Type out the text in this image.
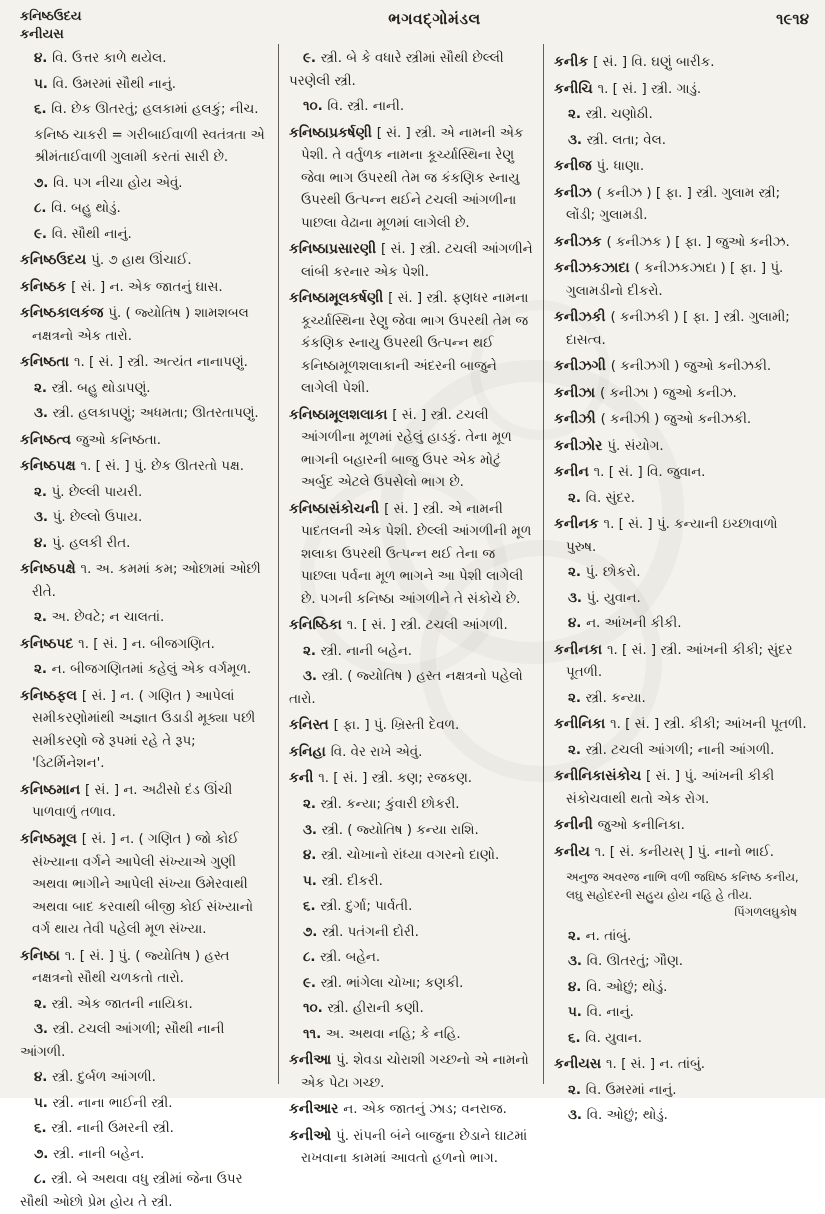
કનિષ્ઠઉદય
કનીયસ
ભગવદ્ગોમંડલ	૧૯૧૪
૪. વિ. ઉત્તર કાળે થયેલ.
૫. વિ. ઉમરમાં સૌથી નાનું.
૬. વિ. છેક ઊતરતું; હલકામાં હલકું; નીચ.
કનિષ્ઠ ચાકરી = ગરીબાઈવાળી સ્વતંત્રતા એ શ્રીમંતાઈવાળી ગુલામી કરતાં સારી છે.
૭. વિ. પગ નીચા હોય એવું.
૮. વિ. બહુ થોડું.
૯. વિ. સૌથી નાનું.
કનિષ્ઠઉદય પું. ૭ હાથ ઊંચાઈ.
કનિષ્ઠક [ સં. ] ન. એક જાતનું ઘાસ.
કનિષ્ઠકાલકંજ પું. ( જ્યોતિષ ) શામશબલ નક્ષત્રનો એક તારો.
કનિષ્ઠતા ૧. [ સં. ] સ્ત્રી. અત્યંત નાનાપણું.
૨. સ્ત્રી. બહુ થોડાપણું.
૩. સ્ત્રી. હલકાપણું; અધમતા; ઊતરતાપણું.
કનિષ્ઠત્વ જુઓ કનિષ્ઠતા.
કનિષ્ઠપક્ષ ૧. [ સં. ] પું. છેક ઊતરતો પક્ષ.
૨. પું. છેલ્લી પાયરી.
૩. પું. છેલ્લો ઉપાય.
૪. પું. હલકી રીત.
કનિષ્ઠપક્ષે ૧. અ. કમમાં કમ; ઓછામાં ઓછી રીતે.
૨. અ. છેવટે; ન ચાલતાં.
કનિષ્ઠપદ ૧. [ સં. ] ન. બીજગણિત.
૨. ન. બીજગણિતમાં કહેલું એક વર્ગમૂળ.
કનિષ્ઠફલ [ સં. ] ન. ( ગણિત ) આપેલાં સમીકરણોમાંથી અજ્ઞાત ઉડાડી મૂક્યા પછી સમીકરણો જે રૂપમાં રહે તે રૂપ; 'ડિટર્મિનેશન'.
કનિષ્ઠમાન [ સં. ] ન. અઢીસો દંડ ઊંચી પાળવાળું તળાવ.
કનિષ્ઠમૂલ [ સં. ] ન. ( ગણિત ) જો કોઈ સંખ્યાના વર્ગને આપેલી સંખ્યાએ ગુણી અથવા ભાગીને આપેલી સંખ્યા ઉમેરવાથી અથવા બાદ કરવાથી બીજી કોઈ સંખ્યાનો વર્ગ થાય તેવી પહેલી મૂળ સંખ્યા.
કનિષ્ઠા ૧. [ સં. ] પું. ( જ્યોતિષ ) હસ્ત નક્ષત્રનો સૌથી ચળકતો તારો.
૨. સ્ત્રી. એક જાતની નાયિકા.
૩. સ્ત્રી. ટચલી આંગળી; સૌથી નાની આંગળી.
૪. સ્ત્રી. દુર્બળ આંગળી.
૫. સ્ત્રી. નાના ભાઈની સ્ત્રી.
૬. સ્ત્રી. નાની ઉમરની સ્ત્રી.
૭. સ્ત્રી. નાની બહેન.
૮. સ્ત્રી. બે અથવા વધુ સ્ત્રીમાં જેના ઉપર સૌથી ઓછો પ્રેમ હોય તે સ્ત્રી.
૯. સ્ત્રી. બે કે વધારે સ્ત્રીમાં સૌથી છેલ્લી પરણેલી સ્ત્રી.
૧૦. વિ. સ્ત્રી. નાની.
કનિષ્ઠાપ્રકર્ષણી [ સં. ] સ્ત્રી. એ નામની એક પેશી. તે વર્તુળક નામના કૂર્ચ્યાસ્થિના રેણુ જેવા ભાગ ઉપરથી તેમ જ કંકણિક સ્નાયુ ઉપરથી ઉત્પન્ન થઈને ટચલી આંગળીના પાછલા વેઢાના મૂળમાં લાગેલી છે.
કનિષ્ઠાપ્રસારણી [ સં. ] સ્ત્રી. ટચલી આંગળીને લાંબી કરનાર એક પેશી.
કનિષ્ઠામૂલકર્ષણી [ સં. ] સ્ત્રી. ફણધર નામના કૂર્ચ્યાસ્થિના રેણુ જેવા ભાગ ઉપરથી તેમ જ કંકણિક સ્નાયુ ઉપરથી ઉત્પન્ન થઈ કનિષ્ઠામૂળશલાકાની અંદરની બાજુને લાગેલી પેશી.
કનિષ્ઠામૂલશલાકા [ સં. ] સ્ત્રી. ટચલી આંગળીના મૂળમાં રહેલું હાડકું. તેના મૂળ ભાગની બહારની બાજુ ઉપર એક મોટું અર્બુદ એટલે ઉપસેલો ભાગ છે.
કનિષ્ઠાસંકોચની [ સં. ] સ્ત્રી. એ નામની પાદતલની એક પેશી. છેલ્લી આંગળીની મૂળ શલાકા ઉપરથી ઉત્પન્ન થઈ તેના જ પાછલા પર્વના મૂળ ભાગને આ પેશી લાગેલી છે. પગની કનિષ્ઠા આંગળીને તે સંકોચે છે.
કનિષ્ઠિકા ૧. [ સં. ] સ્ત્રી. ટચલી આંગળી.
૨. સ્ત્રી. નાની બહેન.
૩. સ્ત્રી. ( જ્યોતિષ ) હસ્ત નક્ષત્રનો પહેલો તારો.
કનિસ્ત [ ફા. ] પું. ખ્રિસ્તી દેવળ.
કનિહા વિ. વેર રાખે એવું.
કની ૧. [ સં. ] સ્ત્રી. કણ; રજકણ.
૨. સ્ત્રી. કન્યા; કુંવારી છોકરી.
૩. સ્ત્રી. ( જ્યોતિષ ) કન્યા રાશિ.
૪. સ્ત્રી. ચોખાનો રાંધ્યા વગરનો દાણો.
૫. સ્ત્રી. દીકરી.
૬. સ્ત્રી. દુર્ગા; પાર્વતી.
૭. સ્ત્રી. પતંગની દોરી.
૮. સ્ત્રી. બહેન.
૯. સ્ત્રી. ભાંગેલા ચોખા; કણકી.
૧૦. સ્ત્રી. હીરાની કણી.
૧૧. અ. અથવા નહિ; કે નહિ.
કનીઆ પું. શેવડા ચોરાશી ગચ્છનો એ નામનો એક પેટા ગચ્છ.
કનીઆર ન. એક જાતનું ઝાડ; વનરાજ.
કનીઓ પું. રાંપની બંને બાજુના છેડાને ઘાટમાં રાખવાના કામમાં આવતો હળનો ભાગ.
કનીક [ સં. ] વિ. ઘણું બારીક.
કનીચિ ૧. [ સં. ] સ્ત્રી. ગાડું.
૨. સ્ત્રી. ચણોઠી.
૩. સ્ત્રી. લતા; વેલ.
કનીજ પું. ધાણા.
કનીઝ ( કનીઝ ) [ ફા. ] સ્ત્રી. ગુલામ સ્ત્રી; લોંડી; ગુલામડી.
કનીઝક ( કનીઝક ) [ ફા. ] જુઓ કનીઝ.
કનીઝકઝાદા ( કનીઝકઝાદા ) [ ફા. ] પું. ગુલામડીનો દીકરો.
કનીઝકી ( કનીઝકી ) [ ફા. ] સ્ત્રી. ગુલામી; દાસત્વ.
કનીઝગી ( કનીઝગી ) જુઓ કનીઝકી.
કનીઝા ( કનીઝા ) જુઓ કનીઝ.
કનીઝી ( કનીઝી ) જુઓ કનીઝકી.
કનીઝોર પું. સંયોગ.
કનીન ૧. [ સં. ] વિ. જુવાન.
૨. વિ. સુંદર.
કનીનક ૧. [ સં. ] પું. કન્યાની ઇચ્છાવાળો પુરુષ.
૨. પું. છોકરો.
૩. પું. યુવાન.
૪. ન. આંખની કીકી.
કનીનકા ૧. [ સં. ] સ્ત્રી. આંખની કીકી; સુંદર પૂતળી.
૨. સ્ત્રી. કન્યા.
કનીનિકા ૧. [ સં. ] સ્ત્રી. કીકી; આંખની પૂતળી.
૨. સ્ત્રી. ટચલી આંગળી; નાની આંગળી.
કનીનિકાસંકોચ [ સં. ] પું. આંખની કીકી સંકોચવાથી થતો એક રોગ.
કનીની જુઓ કનીનિકા.
કનીય ૧. [ સં. કનીયસ્ ] પું. નાનો ભાઈ.
અનુજ અવરજ નાભિ વળી જઘિષ્ઠ કનિષ્ઠ કનીય,
લઘુ સહોદરની સહુય હોય નહિ હે તીય.
પિંગળલઘુકોષ
૨. ન. તાંબું.
૩. વિ. ઊતરતું; ગૌણ.
૪. વિ. ઓછું; થોડું.
૫. વિ. નાનું.
૬. વિ. યુવાન.
કનીયસ ૧. [ સં. ] ન. તાંબું.
૨. વિ. ઉમરમાં નાનું.
૩. વિ. ઓછું; થોડું.
